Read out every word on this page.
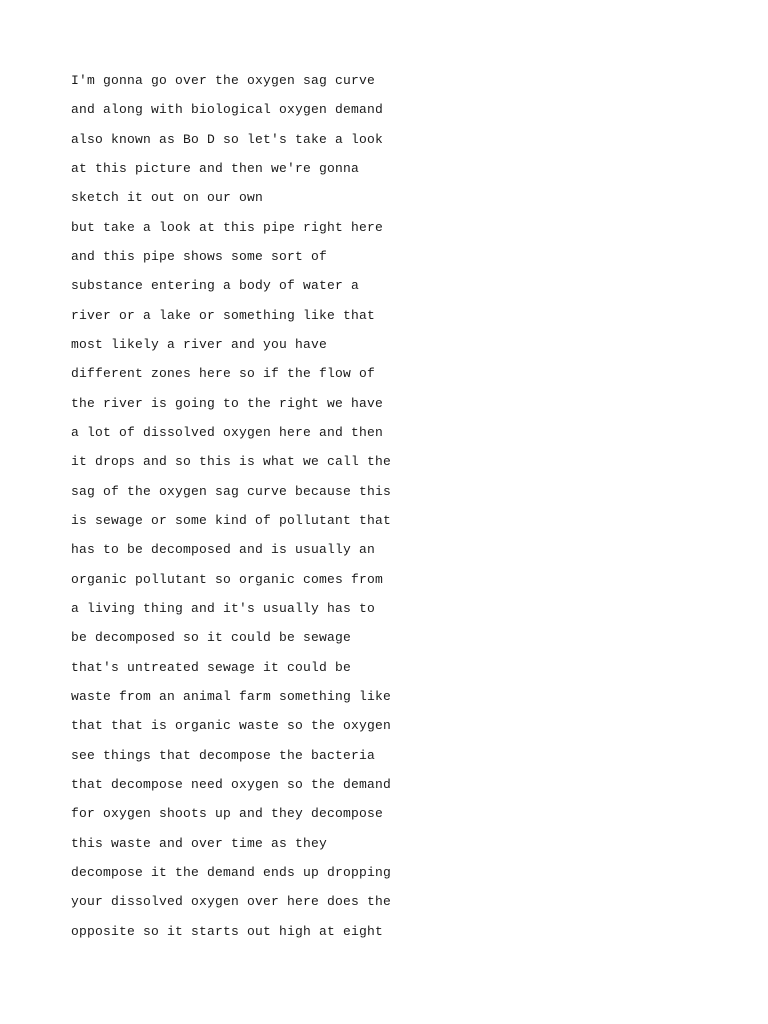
I'm gonna go over the oxygen sag curve
and along with biological oxygen demand
also known as Bo D so let's take a look
at this picture and then we're gonna
sketch it out on our own
but take a look at this pipe right here
and this pipe shows some sort of
substance entering a body of water a
river or a lake or something like that
most likely a river and you have
different zones here so if the flow of
the river is going to the right we have
a lot of dissolved oxygen here and then
it drops and so this is what we call the
sag of the oxygen sag curve because this
is sewage or some kind of pollutant that
has to be decomposed and is usually an
organic pollutant so organic comes from
a living thing and it's usually has to
be decomposed so it could be sewage
that's untreated sewage it could be
waste from an animal farm something like
that that is organic waste so the oxygen
see things that decompose the bacteria
that decompose need oxygen so the demand
for oxygen shoots up and they decompose
this waste and over time as they
decompose it the demand ends up dropping
your dissolved oxygen over here does the
opposite so it starts out high at eight
